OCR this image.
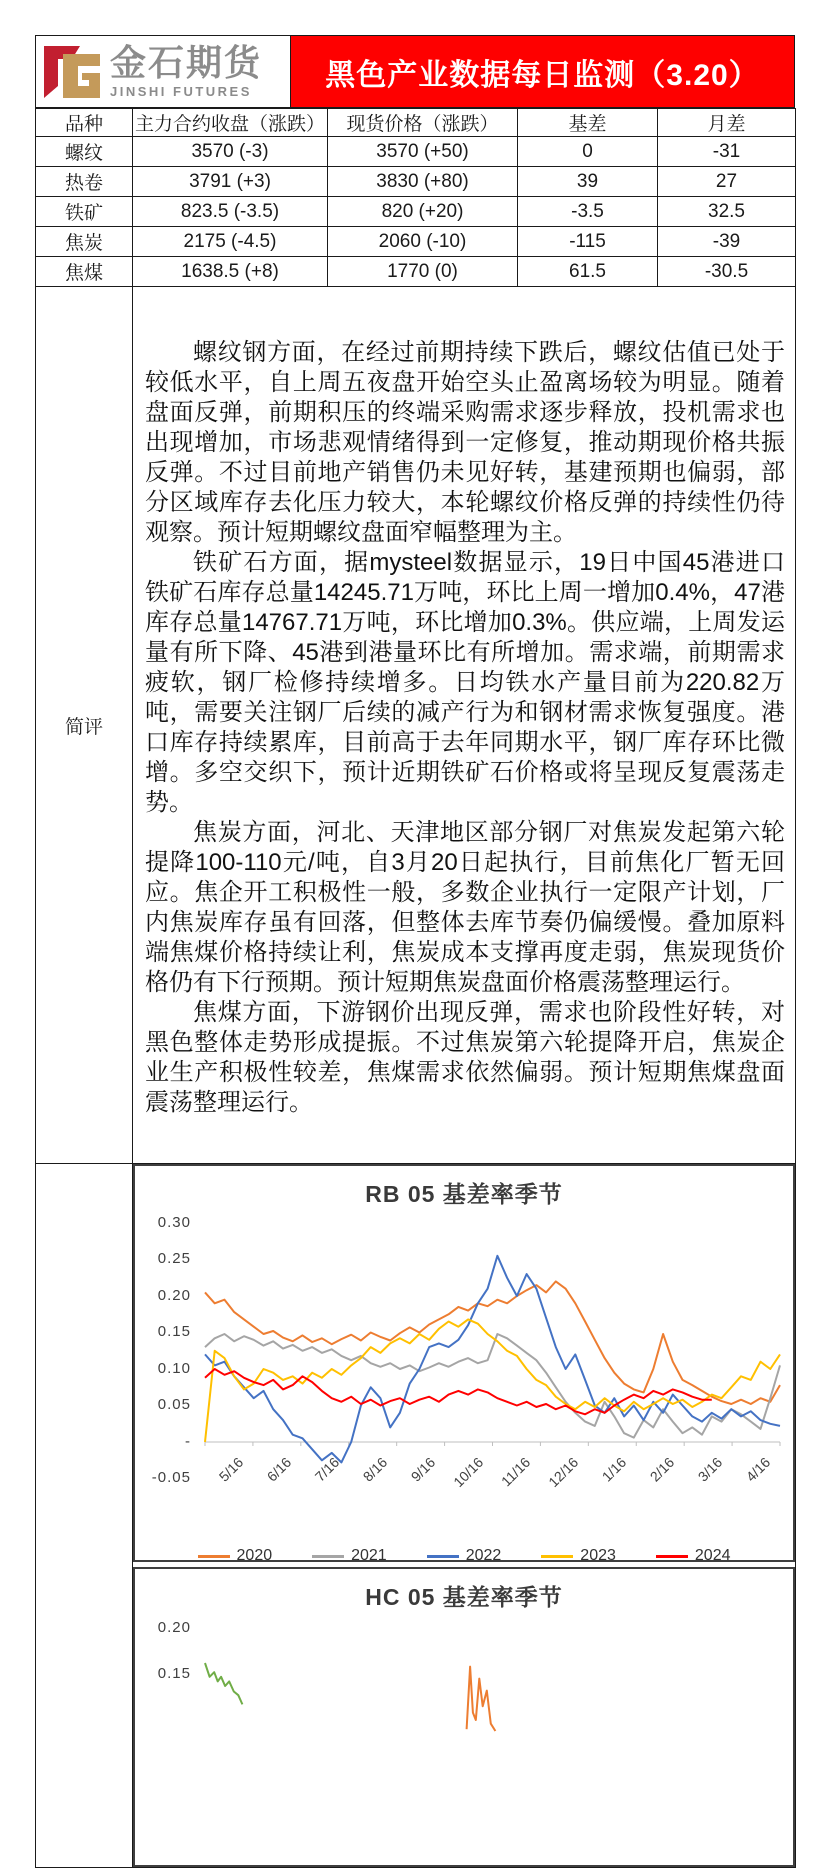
金石期货
JINSHI FUTURES	黑色产业数据每日监测（3.20）
品种	主力合约收盘（涨跌）	现货价格（涨跌）	基差	月差
螺纹	3570 (-3)	3570 (+50)	0	-31
热卷	3791 (+3)	3830 (+80)	39	27
铁矿	823.5 (-3.5)	820 (+20)	-3.5	32.5
焦炭	2175 (-4.5)	2060 (-10)	-115	-39
焦煤	1638.5 (+8)	1770 (0)	61.5	-30.5
简评	螺纹钢方面，在经过前期持续下跌后，螺纹估值已处于较低水平，自上周五夜盘开始空头止盈离场较为明显。随着盘面反弹，前期积压的终端采购需求逐步释放，投机需求也出现增加，市场悲观情绪得到一定修复，推动期现价格共振反弹。不过目前地产销售仍未见好转，基建预期也偏弱，部分区域库存去化压力较大，本轮螺纹价格反弹的持续性仍待观察。预计短期螺纹盘面窄幅整理为主。

铁矿石方面，据mysteel数据显示，19日中国45港进口铁矿石库存总量14245.71万吨，环比上周一增加0.4%，47港库存总量14767.71万吨，环比增加0.3%。供应端，上周发运量有所下降、45港到港量环比有所增加。需求端，前期需求疲软，钢厂检修持续增多。日均铁水产量目前为220.82万吨，需要关注钢厂后续的减产行为和钢材需求恢复强度。港口库存持续累库，目前高于去年同期水平，钢厂库存环比微增。多空交织下，预计近期铁矿石价格或将呈现反复震荡走势。

焦炭方面，河北、天津地区部分钢厂对焦炭发起第六轮提降100-110元/吨，自3月20日起执行，目前焦化厂暂无回应。焦企开工积极性一般，多数企业执行一定限产计划，厂内焦炭库存虽有回落，但整体去库节奏仍偏缓慢。叠加原料端焦煤价格持续让利，焦炭成本支撑再度走弱，焦炭现货价格仍有下行预期。预计短期焦炭盘面价格震荡整理运行。

焦煤方面，下游钢价出现反弹，需求也阶段性好转，对黑色整体走势形成提振。不过焦炭第六轮提降开启，焦炭企业生产积极性较差，焦煤需求依然偏弱。预计短期焦煤盘面震荡整理运行。			

RB 05 基差率季节
0.30
0.25
0.20
0.15
0.10
0.05
-
-0.05	5/16	6/16	7/16	8/16	9/16 10/16 11/16 12/16	1/16	2/16	3/16	4/16
2020	2021	2022	2023	2024
HC 05 基差率季节
0.20
0.15
